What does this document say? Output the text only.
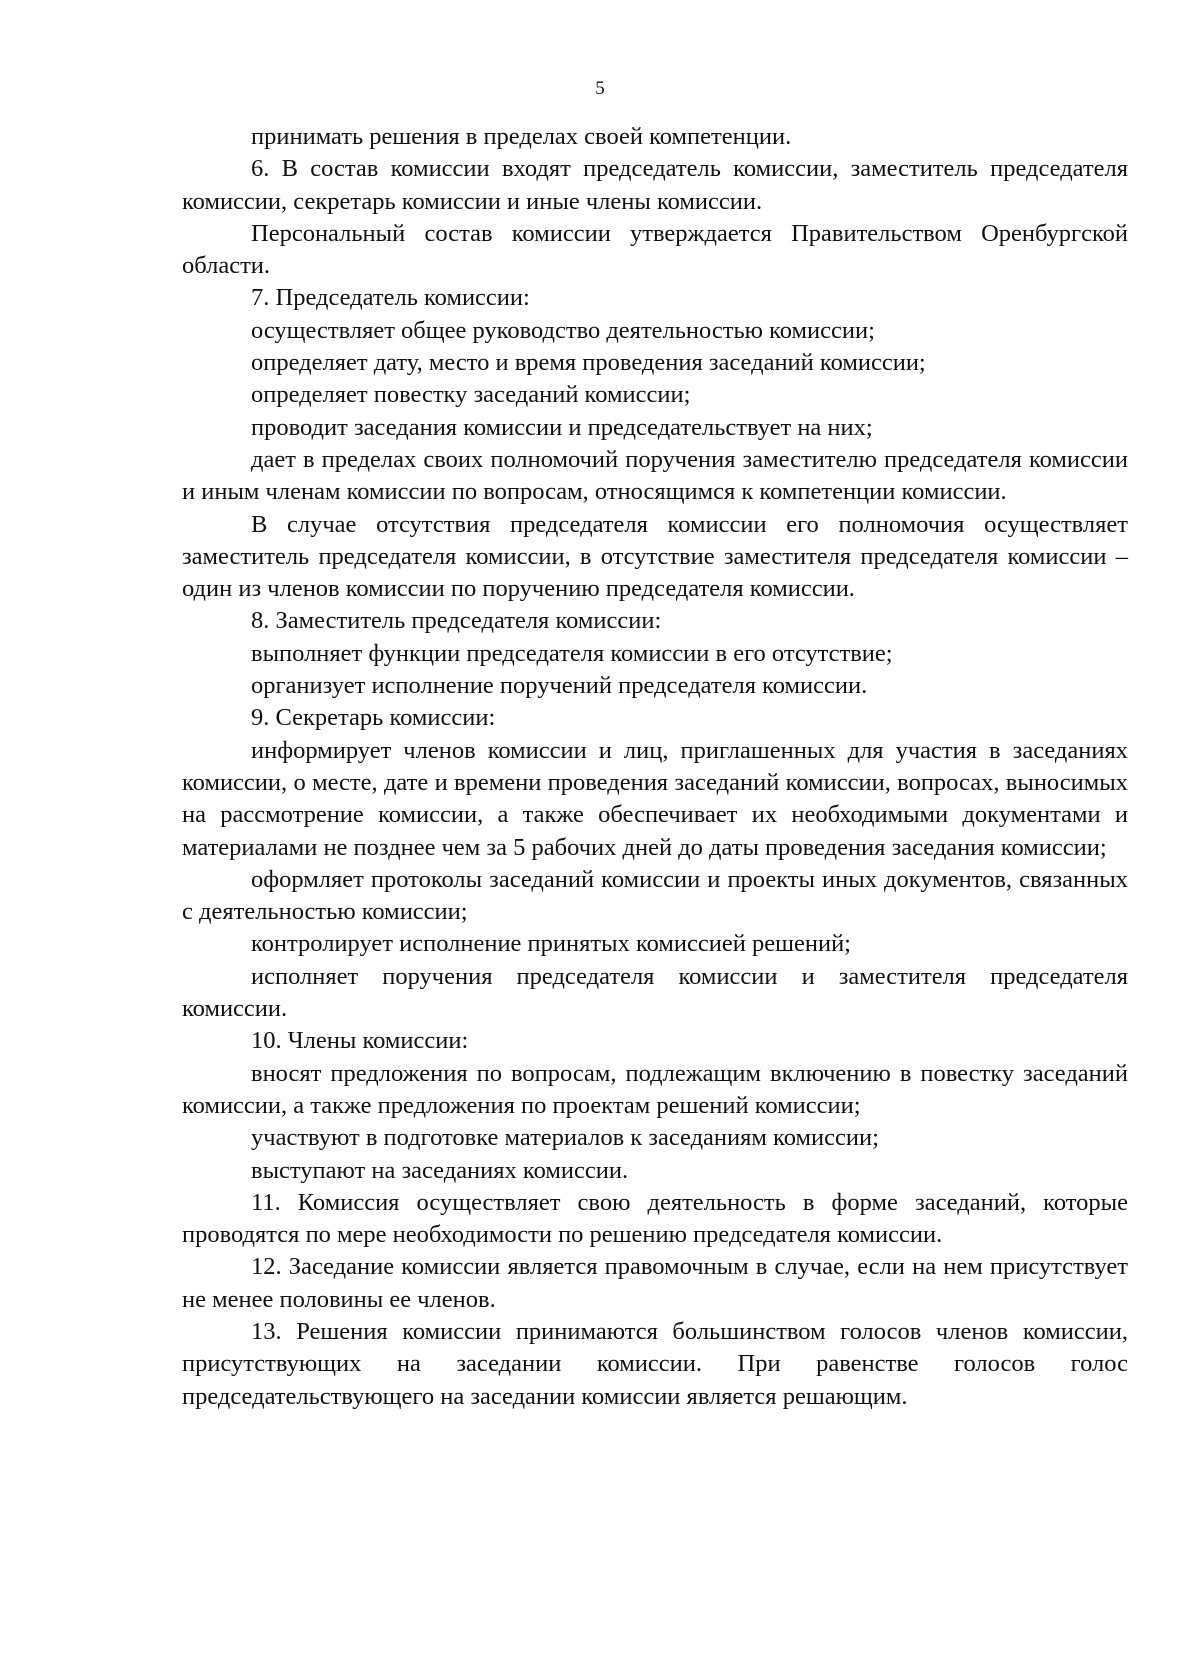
5

принимать решения в пределах своей компетенции.

6. В состав комиссии входят председатель комиссии, заместитель председателя комиссии, секретарь комиссии и иные члены комиссии.

Персональный состав комиссии утверждается Правительством Оренбургской области.

7. Председатель комиссии:

осуществляет общее руководство деятельностью комиссии;

определяет дату, место и время проведения заседаний комиссии;

определяет повестку заседаний комиссии;

проводит заседания комиссии и председательствует на них;

дает в пределах своих полномочий поручения заместителю председателя комиссии и иным членам комиссии по вопросам, относящимся к компетенции комиссии.

В случае отсутствия председателя комиссии его полномочия осуществляет заместитель председателя комиссии, в отсутствие заместителя председателя комиссии – один из членов комиссии по поручению председателя комиссии.

8. Заместитель председателя комиссии:

выполняет функции председателя комиссии в его отсутствие;

организует исполнение поручений председателя комиссии.

9. Секретарь комиссии:

информирует членов комиссии и лиц, приглашенных для участия в заседаниях комиссии, о месте, дате и времени проведения заседаний комиссии, вопросах, выносимых на рассмотрение комиссии, а также обеспечивает их необходимыми документами и материалами не позднее чем за 5 рабочих дней до даты проведения заседания комиссии;

оформляет протоколы заседаний комиссии и проекты иных документов, связанных с деятельностью комиссии;

контролирует исполнение принятых комиссией решений;

исполняет поручения председателя комиссии и заместителя председателя комиссии.

10. Члены комиссии:

вносят предложения по вопросам, подлежащим включению в повестку заседаний комиссии, а также предложения по проектам решений комиссии;

участвуют в подготовке материалов к заседаниям комиссии;

выступают на заседаниях комиссии.

11. Комиссия осуществляет свою деятельность в форме заседаний, которые проводятся по мере необходимости по решению председателя комиссии.

12. Заседание комиссии является правомочным в случае, если на нем присутствует не менее половины ее членов.

13. Решения комиссии принимаются большинством голосов членов комиссии, присутствующих на заседании комиссии. При равенстве голосов голос председательствующего на заседании комиссии является решающим.
